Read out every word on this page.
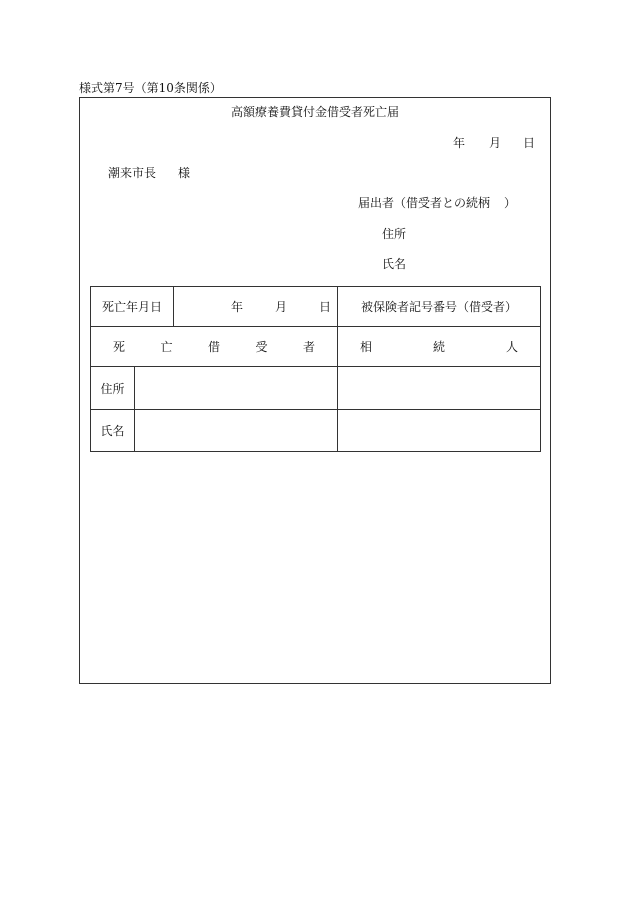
様式第7号（第10条関係）
高額療養費貸付金借受者死亡届
年 月 日
潮来市長 様
届出者（借受者との続柄 ）
住所
氏名
死亡年月日		年 月 日	被保険者記号番号（借受者）

死 亡 借 受 者			相 続 人

住所			
氏名			
